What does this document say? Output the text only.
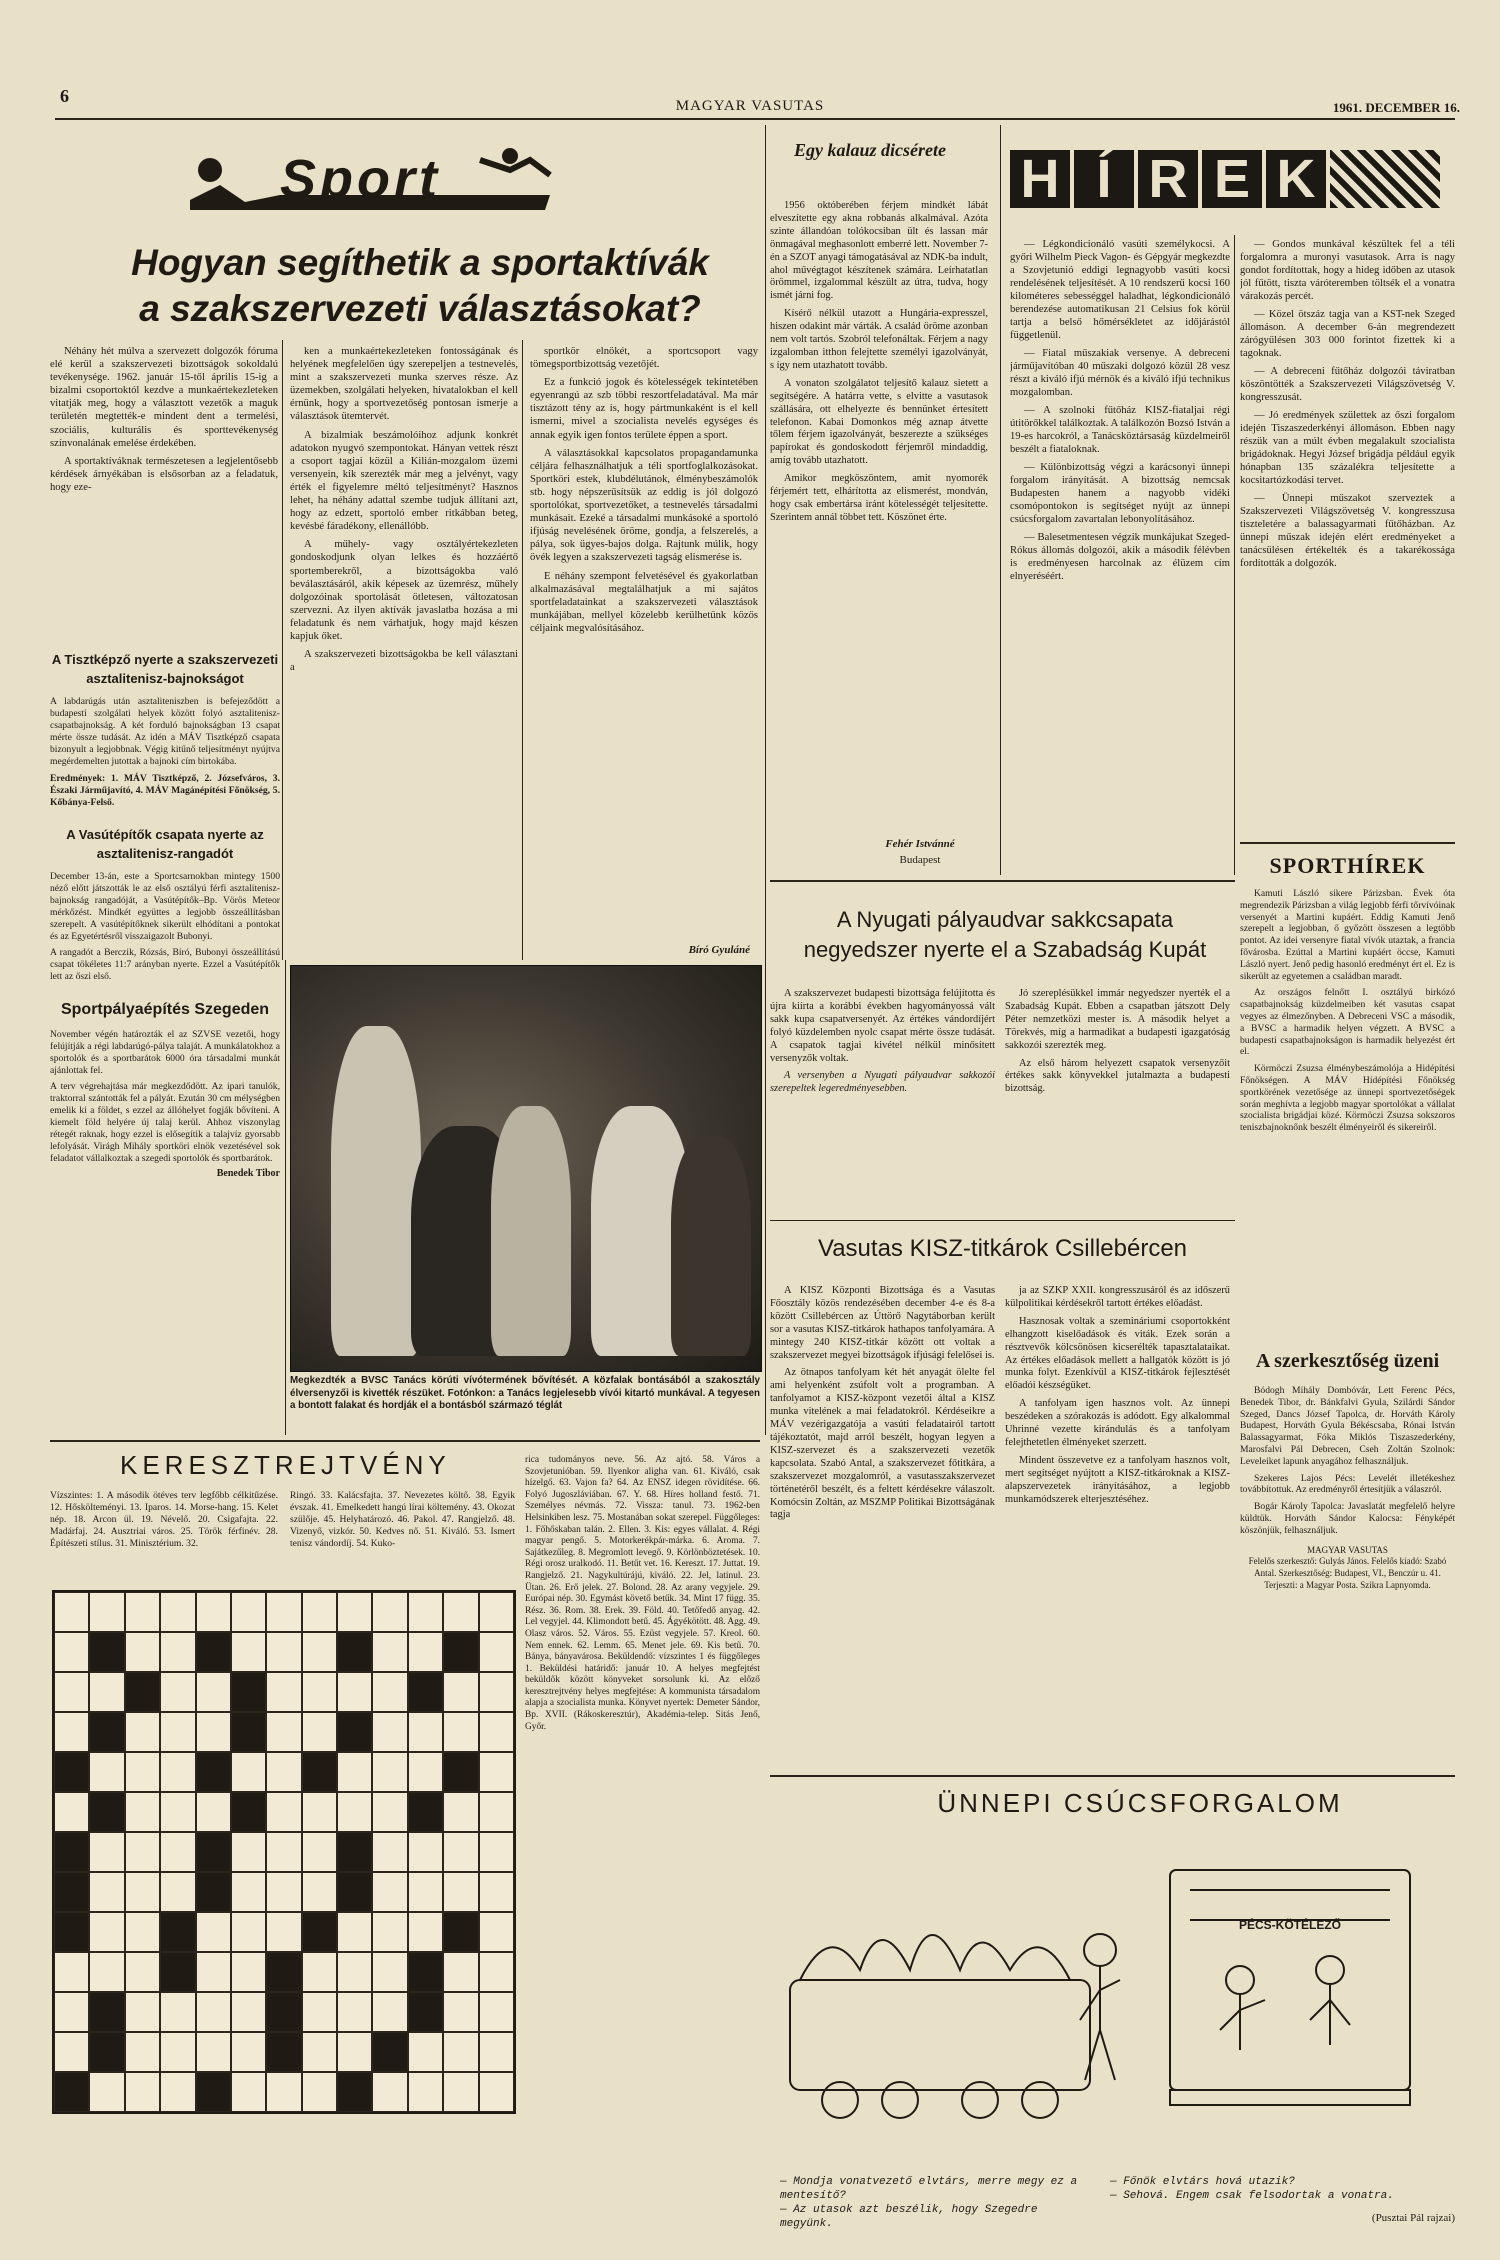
6	MAGYAR VASUTAS	1961. DECEMBER 16.
Sport
Hogyan segíthetik a sportaktívák a szakszervezeti választásokat?

Néhány hét múlva a szervezett dolgozók fóruma elé kerül a szakszervezeti bizottságok sokoldalú tevékenysége. 1962. január 15-től április 15-ig a bizalmi csoportoktól kezdve a munkaértekezleteken vitatják meg, hogy a választott vezetők a maguk területén megtették-e mindent dent a termelési, szociális, kulturális és sporttevékenység színvonalának emelése érdekében.

A sportaktíváknak természetesen a legjelentősebb kérdések árnyékában is elsősorban az a feladatuk, hogy eze-

ken a munkaértekezleteken fontosságának és helyének megfelelően úgy szerepeljen a testnevelés, mint a szakszervezeti munka szerves része. Az üzemekben, szolgálati helyeken, hivatalokban el kell érnünk, hogy a sportvezetőség pontosan ismerje a választások ütemtervét.

A bizalmiak beszámolóihoz adjunk konkrét adatokon nyugvó szempontokat. Hányan vettek részt a csoport tagjai közül a Kilián-mozgalom üzemi versenyein, kik szerezték már meg a jelvényt, vagy érték el figyelemre méltó teljesítményt? Hasznos lehet, ha néhány adattal szembe tudjuk állítani azt, hogy az edzett, sportoló ember ritkábban beteg, kevésbé fáradékony, ellenállóbb.

A műhely- vagy osztályértekezleten gondoskodjunk olyan lelkes és hozzáértő sportemberekről, a bizottságokba való beválasztásáról, akik képesek az üzemrész, műhely dolgozóinak sportolását ötletesen, változatosan szervezni. Az ilyen aktívák javaslatba hozása a mi feladatunk és nem várhatjuk, hogy majd készen kapjuk őket.

A szakszervezeti bizottságokba be kell választani a

sportkör elnökét, a sportcsoport vagy tömegsportbizottság vezetőjét.

Ez a funkció jogok és kötelességek tekintetében egyenrangú az szb többi reszortfeladatával. Ma már tisztázott tény az is, hogy pártmunkaként is el kell ismerni, mivel a szocialista nevelés egységes és annak egyik igen fontos területe éppen a sport.

A választásokkal kapcsolatos propagandamunka céljára felhasználhatjuk a téli sportfoglalkozásokat. Sportköri estek, klubdélutánok, élménybeszámolók stb. hogy népszerűsítsük az eddig is jól dolgozó sportolókat, sportvezetőket, a testnevelés társadalmi munkásait. Ezeké a társadalmi munkásoké a sportoló ifjúság nevelésének öröme, gondja, a felszerelés, a pálya, sok ügyes-bajos dolga. Rajtunk múlik, hogy övék legyen a szakszervezeti tagság elismerése is.

E néhány szempont felvetésével és gyakorlatban alkalmazásával megtalálhatjuk a mi sajátos sportfeladatainkat a szakszervezeti választások munkájában, mellyel közelebb kerülhetünk közös céljaink megvalósításához.

Bíró Gyuláné
A Tisztképző nyerte a szakszervezeti asztalitenisz-bajnokságot
A labdarúgás után asztaliteniszben is befejeződött a budapesti szolgálati helyek között folyó asztalitenisz-csapatbajnokság. A két forduló bajnokságban 13 csapat mérte össze tudását. Az idén a MÁV Tisztképző csapata bizonyult a legjobbnak. Végig kitűnő teljesítményt nyújtva megérdemelten jutottak a bajnoki cím birtokába.
Eredmények: 1. MÁV Tisztképző, 2. Józsefváros, 3. Északi Járműjavító, 4. MÁV Magánépítési Főnökség, 5. Kőbánya-Felső.
A Vasútépítők csapata nyerte az asztalitenisz-rangadót
December 13-án, este a Sportcsarnokban mintegy 1500 néző előtt játszották le az első osztályú férfi asztalitenisz-bajnokság rangadóját, a Vasútépítők–Bp. Vörös Meteor mérkőzést. Mindkét együttes a legjobb összeállításban szerepelt. A vasútépítőknek sikerült elhódítani a pontokat és az Egyetértésről visszaigazolt Bubonyi.
A rangadót a Berczik, Rózsás, Bíró, Bubonyi összeállítású csapat tökéletes 11:7 arányban nyerte. Ezzel a Vasútépítők lett az őszi első.
Sportpályaépítés Szegeden
November végén határozták el az SZVSE vezetői, hogy felújítják a régi labdarúgó-pálya talaját. A munkálatokhoz a sportolók és a sportbarátok 6000 óra társadalmi munkát ajánlottak fel.
A terv végrehajtása már megkezdődött. Az ipari tanulók, traktorral szántották fel a pályát. Ezután 30 cm mélységben emelik ki a földet, s ezzel az állóhelyet fogják bővíteni. A kiemelt föld helyére új talaj kerül. Ahhoz viszonylag rétegét raknak, hogy ezzel is elősegítik a talajvíz gyorsabb lefolyását. Virágh Mihály sportköri elnök vezetésével sok feladatot vállalkoztak a szegedi sportolók és sportbarátok.
Benedek Tibor
Megkezdték a BVSC Tanács körúti vívótermének bővítését. A közfalak bontásából a szakosztály élversenyzői is kivették részüket. Fotónkon: a Tanács legjelesebb vívói kitartó munkával. A tegyesen a bontott falakat és hordják el a bontásból származó téglát
KERESZTREJTVÉNY
Vízszintes: 1. A második ötéves terv legfőbb célkitűzése. 12. Hőskölteményi. 13. Iparos. 14. Morse-hang. 15. Kelet nép. 18. Arcon ül. 19. Névelő. 20. Csigafajta. 22. Madárfaj. 24. Ausztriai város. 25. Török férfinév. 28. Építészeti stílus. 31. Minisztérium. 32.
Ringó. 33. Kalácsfajta. 37. Nevezetes költő. 38. Egyik évszak. 41. Emelkedett hangú lírai költemény. 43. Okozat szülője. 45. Helyhatározó. 46. Pakol. 47. Rangjelző. 48. Vizenyő, vizkór. 50. Kedves nő. 51. Kiváló. 53. Ismert tenisz vándordíj. 54. Kuko-
rica tudományos neve. 56. Az ajtó. 58. Város a Szovjetunióban. 59. Ilyenkor aligha van. 61. Kiváló, csak hízelgő. 63. Vajon fa? 64. Az ENSZ idegen rövidítése. 66. Folyó Jugoszláviában. 67. Y. 68. Híres holland festő. 71. Személyes névmás. 72. Vissza: tanul. 73. 1962-ben Helsinkiben lesz. 75. Mostanában sokat szerepel. Függőleges: 1. Főhőskaban talán. 2. Ellen. 3. Kis: egyes vállalat. 4. Régi magyar pengő. 5. Motorkerékpár-márka. 6. Aroma. 7. Sajátkezűleg. 8. Megromlott levegő. 9. Körlönböztetések. 10. Régi orosz uralkodó. 11. Betűt vet. 16. Kereszt. 17. Juttat. 19. Rangjelző. 21. Nagykultúrájú, kiváló. 22. Jel, latinul. 23. Ütan. 26. Erő jelek. 27. Bolond. 28. Az arany vegyjele. 29. Európai nép. 30. Egymást követő betűk. 34. Mint 17 függ. 35. Rész. 36. Rom. 38. Erek. 39. Föld. 40. Tetőfedő anyag. 42. Lel vegyjel. 44. Klimondott betű. 45. Ágyékötött. 48. Agg. 49. Olasz város. 52. Város. 55. Ezüst vegyjele. 57. Kreol. 60. Nem ennek. 62. Lemm. 65. Menet jele. 69. Kis betű. 70. Bánya, bányavárosa. Beküldendő: vízszintes 1 és függőleges 1. Beküldési határidő: január 10. A helyes megfejtést beküldők között könyveket sorsolunk ki. Az előző keresztrejtvény helyes megfejtése: A kommunista társadalom alapja a szocialista munka. Könyvet nyertek: Demeter Sándor, Bp. XVII. (Rákoskeresztúr), Akadémia-telep. Sitás Jenő, Győr.
Egy kalauz dicsérete

1956 októberében férjem mindkét lábát elveszítette egy akna robbanás alkalmával. Azóta szinte állandóan tolókocsiban ült és lassan már önmagával meghasonlott emberré lett. November 7-én a SZOT anyagi támogatásával az NDK-ba indult, ahol művégtagot készítenek számára. Leírhatatlan örömmel, izgalommal készült az útra, tudva, hogy ismét járni fog.

Kísérő nélkül utazott a Hungária-expresszel, hiszen odakint már várták. A család öröme azonban nem volt tartós. Szobról telefonáltak. Férjem a nagy izgalomban itthon felejtette személyi igazolványát, s így nem utazhatott tovább.

A vonaton szolgálatot teljesítő kalauz sietett a segítségére. A határra vette, s elvitte a vasutasok szállására, ott elhelyezte és bennünket értesített telefonon. Kabai Domonkos még aznap átvette tőlem férjem igazolványát, beszerezte a szükséges papírokat és gondoskodott férjemről mindaddig, amíg tovább utazhatott.

Amikor megköszöntem, amit nyomorék férjemért tett, elhárította az elismerést, mondván, hogy csak embertársa iránt kötelességét teljesítette. Szerintem annál többet tett. Köszönet érte.

Fehér Istvánné
Budapest
H Í R E K

— Légkondicionáló vasúti személykocsi. A győri Wilhelm Pieck Vagon- és Gépgyár megkezdte a Szovjetunió eddigi legnagyobb vasúti kocsi rendelésének teljesítését. A 10 rendszerű kocsi 160 kilométeres sebességgel haladhat, légkondicionáló berendezése automatikusan 21 Celsius fok körül tartja a belső hőmérsékletet az időjárástól függetlenül.

— Fiatal műszakiak versenye. A debreceni járműjavítóban 40 műszaki dolgozó közül 28 vesz részt a kiváló ifjú mérnök és a kiváló ifjú technikus mozgalomban.

— A szolnoki fűtőház KISZ-fiataljai régi útitörőkkel találkoztak. A találkozón Bozsó István a 19-es harcokról, a Tanácsköztársaság küzdelmeiről beszélt a fiataloknak.

— Különbizottság végzi a karácsonyi ünnepi forgalom irányítását. A bizottság nemcsak Budapesten hanem a nagyobb vidéki csomópontokon is segítséget nyújt az ünnepi csúcsforgalom zavartalan lebonyolításához.

— Balesetmentesen végzik munkájukat Szeged-Rókus állomás dolgozói, akik a második félévben is eredményesen harcolnak az élüzem cím elnyeréséért.

— Gondos munkával készültek fel a téli forgalomra a muronyi vasutasok. Arra is nagy gondot fordítottak, hogy a hideg időben az utasok jól fűtött, tiszta váróteremben töltsék el a vonatra várakozás percét.

— Közel ötszáz tagja van a KST-nek Szeged állomáson. A december 6-án megrendezett zárógyűlésen 303 000 forintot fizettek ki a tagoknak.

— A debreceni fűtőház dolgozói táviratban köszöntötték a Szakszervezeti Világszövetség V. kongresszusát.

— Jó eredmények születtek az őszi forgalom idején Tiszaszederkényi állomáson. Ebben nagy részük van a múlt évben megalakult szocialista brigádoknak. Hegyi József brigádja például egyik hónapban 135 százalékra teljesítette a kocsitartózkodási tervet.

— Ünnepi műszakot szerveztek a Szakszervezeti Világszövetség V. kongresszusa tiszteletére a balassagyarmati fűtőházban. Az ünnepi műszak idején elért eredményeket a tanácsülésen értékelték és a takarékossága fordították a dolgozók.

SPORTHÍREK

Kamuti László sikere Párizsban. Évek óta megrendezik Párizsban a világ legjobb férfi tőrvívóinak versenyét a Martini kupáért. Eddig Kamuti Jenő szerepelt a legjobban, ő győzött összesen a legtöbb pontot. Az idei versenyre fiatal vívók utaztak, a francia fővárosba. Ezúttal a Martini kupáért öccse, Kamuti László nyert. Jenő pedig hasonló eredményt ért el. Ez is sikerült az egyetemen a családban maradt.

Az országos felnőtt I. osztályú birkózó csapatbajnokság küzdelmeiben két vasutas csapat vegyes az élmezőnyben. A Debreceni VSC a második, a BVSC a harmadik helyen végzett. A BVSC a budapesti csapatbajnokságon is harmadik helyezést ért el.

Körmöczi Zsuzsa élménybeszámolója a Hidépítési Főnökségen. A MÁV Hídépítési Főnökség sportkörének vezetősége az ünnepi sportvezetőségek során meghívta a legjobb magyar sportolókat a vállalat szocialista brigádjai közé. Körmöczi Zsuzsa sokszoros teniszbajnoknőnk beszélt élményeiről és sikereiről.

A szerkesztőség üzeni

Bódogh Mihály Dombóvár, Lett Ferenc Pécs, Benedek Tibor, dr. Bánkfalvi Gyula, Szilárdi Sándor Szeged, Dancs József Tapolca, dr. Horváth Károly Budapest, Horváth Gyula Békéscsaba, Rónai István Balassagyarmat, Fóka Miklós Tiszaszederkény, Marosfalvi Pál Debrecen, Cseh Zoltán Szolnok: Leveleiket lapunk anyagához felhasználjuk.

Szekeres Lajos Pécs: Levelét illetékeshez továbbítottuk. Az eredményről értesítjük a válaszról.

Bogár Károly Tapolca: Javaslatát megfelelő helyre küldtük. Horváth Sándor Kalocsa: Fényképét köszönjük, felhasználjuk.

MAGYAR VASUTAS
Felelős szerkesztő: Gulyás János. Felelős kiadó: Szabó Antal. Szerkesztőség: Budapest, VI., Benczúr u. 41. Terjeszti: a Magyar Posta. Szikra Lapnyomda.

A Nyugati pályaudvar sakkcsapata negyedszer nyerte el a Szabadság Kupát

A szakszervezet budapesti bizottsága felújította és újra kiírta a korábbi években hagyományossá vált sakk kupa csapatversenyét. Az értékes vándordíjért folyó küzdelemben nyolc csapat mérte össze tudását. A csapatok tagjai kivétel nélkül minősített versenyzők voltak.

A versenyben a Nyugati pályaudvar sakkozói szerepeltek legeredményesebben.

Jó szereplésükkel immár negyedszer nyerték el a Szabadság Kupát. Ebben a csapatban játszott Dely Péter nemzetközi mester is. A második helyet a Törekvés, míg a harmadikat a budapesti igazgatóság sakkozói szerezték meg.

Az első három helyezett csapatok versenyzőit értékes sakk könyvekkel jutalmazta a budapesti bizottság.

Vasutas KISZ-titkárok Csillebércen

A KISZ Központi Bizottsága és a Vasutas Főosztály közös rendezésében december 4-e és 8-a között Csillebércen az Úttörő Nagytáborban került sor a vasutas KISZ-titkárok hathapos tanfolyamára. A mintegy 240 KISZ-titkár között ott voltak a szakszervezet megyei bizottságok ifjúsági felelősei is.

Az ötnapos tanfolyam két hét anyagát ölelte fel ami helyenként zsúfolt volt a programban. A tanfolyamot a KISZ-központ vezetői által a KISZ munka vitelének a mai feladatokról. Kérdéseikre a MÁV vezérigazgatója a vasúti feladatairól tartott tájékoztatót, majd arról beszélt, hogyan legyen a KISZ-szervezet és a szakszervezeti vezetők kapcsolata. Szabó Antal, a szakszervezet főtitkára, a szakszervezet mozgalomról, a vasutasszakszervezet történetéről beszélt, és a feltett kérdésekre válaszolt. Komócsin Zoltán, az MSZMP Politikai Bizottságának tagja

ja az SZKP XXII. kongresszusáról és az időszerű külpolitikai kérdésekről tartott értékes előadást.

Hasznosak voltak a szemináriumi csoportokként elhangzott kiselőadások és viták. Ezek során a résztvevők kölcsönösen kicserélték tapasztalataikat. Az értékes előadások mellett a hallgatók között is jó munka folyt. Ezenkívül a KISZ-titkárok fejlesztését előadói készségüket.

A tanfolyam igen hasznos volt. Az ünnepi beszédeken a szórakozás is adódott. Egy alkalommal Uhrinné vezette kirándulás és a tanfolyam felejthetetlen élményeket szerzett.

Mindent összevetve ez a tanfolyam hasznos volt, mert segítséget nyújtott a KISZ-titkároknak a KISZ-alapszervezetek irányításához, a legjobb munkamódszerek elterjesztéséhez.

ÜNNEPI CSÚCSFORGALOM
PÉCS-KÖTÉLEZŐ
— Mondja vonatvezető elvtárs, merre megy ez a mentesítő?
— Az utasok azt beszélik, hogy Szegedre megyünk.
— Főnök elvtárs hová utazik?
— Sehová. Engem csak felsodortak a vonatra.
(Pusztai Pál rajzai)
